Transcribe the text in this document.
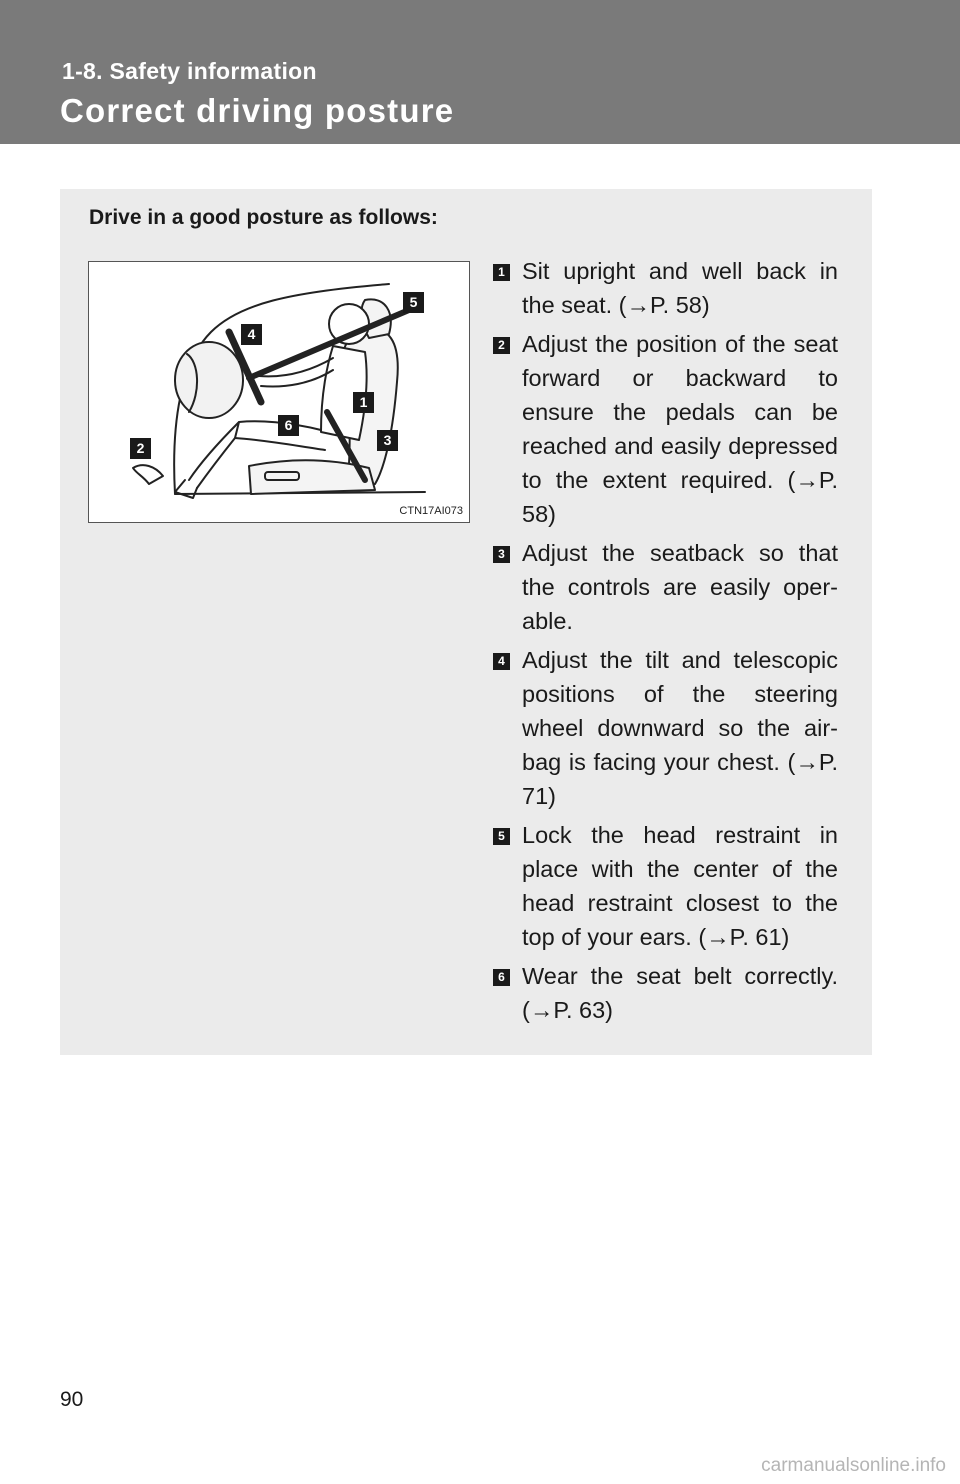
1-8. Safety information
Correct driving posture
Drive in a good posture as follows:
5
4
1
6
3
2
CTN17AI073
1 Sit upright and well back in the seat. (→P. 58)
2 Adjust the position of the seat forward or backward to ensure the pedals can be reached and easily depressed to the extent required. (→P. 58)
3 Adjust the seatback so that the controls are easily oper-able.
4 Adjust the tilt and telescopic positions of the steering wheel downward so the air-bag is facing your chest. (→P. 71)
5 Lock the head restraint in place with the center of the head restraint closest to the top of your ears. (→P. 61)
6 Wear the seat belt correctly. (→P. 63)
90
carmanualsonline.info
